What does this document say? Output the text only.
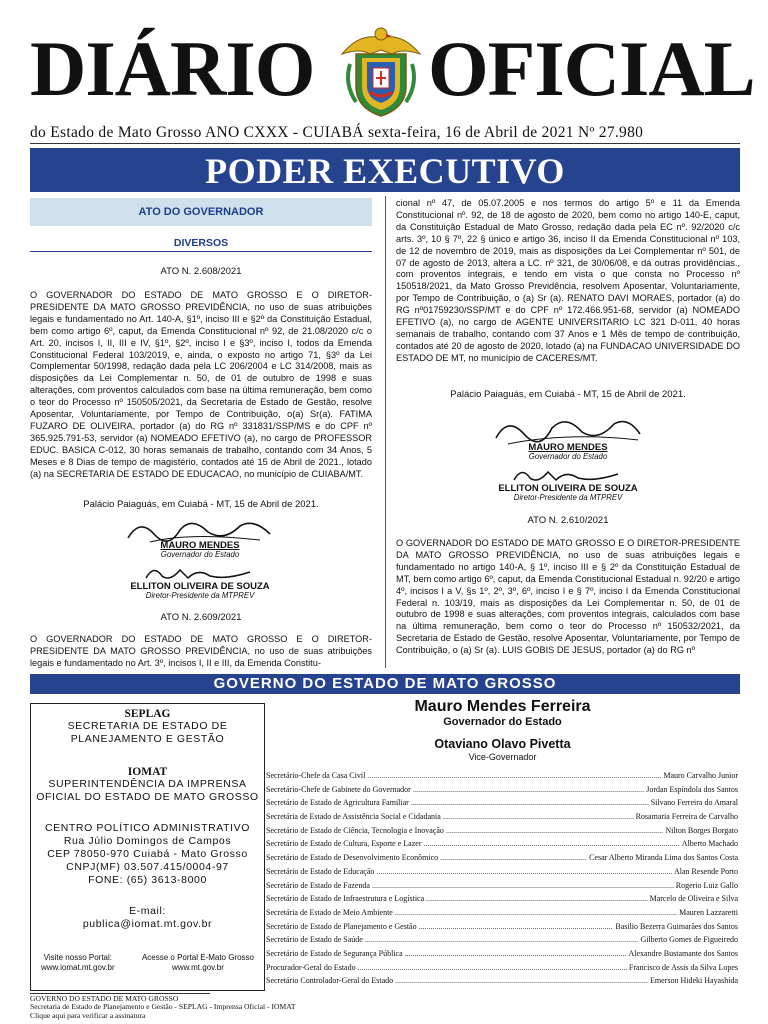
DIÁRIO OFICIAL
do Estado de Mato Grosso ANO CXXX - CUIABÁ sexta-feira, 16 de Abril de 2021 Nº 27.980
PODER EXECUTIVO
ATO DO GOVERNADOR
DIVERSOS
ATO N. 2.608/2021

O GOVERNADOR DO ESTADO DE MATO GROSSO E O DIRETOR-PRESIDENTE DA MATO GROSSO PREVIDÊNCIA, no uso de suas atribuições legais e fundamentado no Art. 140-A, §1º, inciso III e §2º da Constituição Estadual, bem como artigo 6º, caput, da Emenda Constitucional nº 92, de 21.08/2020 c/c o Art. 20, incisos I, II, III e IV, §1º, §2º, inciso I e §3º, inciso I, todos da Emenda Constitucional Federal 103/2019, e, ainda, o exposto no artigo 71, §3º da Lei Complementar 50/1998, redação dada pela LC 206/2004 e LC 314/2008, mais as disposições da Lei Complementar n. 50, de 01 de outubro de 1998 e suas alterações, com proventos calculados com base na última remuneração, bem como o teor do Processo nº 150505/2021, da Secretaria de Estado de Gestão, resolve Aposentar, Voluntariamente, por Tempo de Contribuição, o(a) Sr(a). FATIMA FUZARO DE OLIVEIRA, portador (a) do RG nº 331831/SSP/MS e do CPF nº 365.925.791-53, servidor (a) NOMEADO EFETIVO (a), no cargo de PROFESSOR EDUC. BASICA C-012, 30 horas semanais de trabalho, contando com 34 Anos, 5 Meses e 8 Dias de tempo de magistério, contados até 15 de Abril de 2021., lotado (a) na SECRETARIA DE ESTADO DE EDUCACAO, no município de CUIABA/MT.

Palácio Paiaguás, em Cuiabá - MT, 15 de Abril de 2021.
MAURO MENDES
Governador do Estado
ELLITON OLIVEIRA DE SOUZA
Diretor-Presidente da MTPREV
ATO N. 2.609/2021

O GOVERNADOR DO ESTADO DE MATO GROSSO E O DIRETOR-PRESIDENTE DA MATO GROSSO PREVIDÊNCIA, no uso de suas atribuições legais e fundamentado no Art. 3º, incisos I, II e III, da Emenda Constitu-

cional nº 47, de 05.07.2005 e nos termos do artigo 5º e 11 da Emenda Constitucional nº. 92, de 18 de agosto de 2020, bem como no artigo 140-E, caput, da Constituição Estadual de Mato Grosso, redação dada pela EC nº. 92/2020 c/c arts. 3º, 10 § 7º, 22 § único e artigo 36, inciso II da Emenda Constitucional nº 103, de 12 de novembro de 2019, mais as disposições da Lei Complementar nº 501, de 07 de agosto de 2013, altera a LC. nº 321, de 30/06/08, e dá outras providências., com proventos integrais, e tendo em vista o que consta no Processo nº 150518/2021, da Mato Grosso Previdência, resolvem Aposentar, Voluntariamente, por Tempo de Contribuição, o (a) Sr (a). RENATO DAVI MORAES, portador (a) do RG nº01759230/SSP/MT e do CPF nº 172.466.951-68, servidor (a) NOMEADO EFETIVO (a), no cargo de AGENTE UNIVERSITARIO LC 321 D-011, 40 horas semanais de trabalho, contando com 37 Anos e 1 Mês de tempo de contribuição, contados até 20 de agosto de 2020, lotado (a) na FUNDACAO UNIVERSIDADE DO ESTADO DE MT, no município de CACERES/MT.

Palácio Paiaguás, em Cuiabá - MT, 15 de Abril de 2021.
MAURO MENDES
Governador do Estado
ELLITON OLIVEIRA DE SOUZA
Diretor-Presidente da MTPREV
ATO N. 2.610/2021

O GOVERNADOR DO ESTADO DE MATO GROSSO E O DIRETOR-PRESIDENTE DA MATO GROSSO PREVIDÊNCIA, no uso de suas atribuições legais e fundamentado no artigo 140-A, § 1º, inciso III e § 2º da Constituição Estadual de MT, bem como artigo 6º, caput, da Emenda Constitucional Estadual n. 92/20 e artigo 4º, incisos I a V, §s 1º, 2º, 3º, 6º, inciso I e § 7º, inciso I da Emenda Constitucional Federal n. 103/19, mais as disposições da Lei Complementar n. 50, de 01 de outubro de 1998 e suas alterações, com proventos integrais, calculados com base na última remuneração, bem como o teor do Processo nº 150532/2021, da Secretaria de Estado de Gestão, resolve Aposentar, Voluntariamente, por Tempo de Contribuição, o (a) Sr (a). LUIS GOBIS DE JESUS, portador (a) do RG nº

GOVERNO DO ESTADO DE MATO GROSSO
SEPLAG
SECRETARIA DE ESTADO DE
PLANEJAMENTO E GESTÃO
IOMAT
SUPERINTENDÊNCIA DA IMPRENSA
OFICIAL DO ESTADO DE MATO GROSSO
CENTRO POLÍTICO ADMINISTRATIVO
Rua Júlio Domingos de Campos
CEP 78050-970 Cuiabá - Mato Grosso
CNPJ(MF) 03.507.415/0004-97
FONE: (65) 3613-8000
E-mail:
publica@iomat.mt.gov.br
Visite nosso Portal:
www.iomat.mt.gov.br
Acesse o Portal E-Mato Grosso
www.mt.gov.br
Mauro Mendes Ferreira
Governador do Estado
Otaviano Olavo Pivetta
Vice-Governador
Secretário-Chefe da Casa Civil .....	Mauro Carvalho Junior
Secretário-Chefe de Gabinete do Governador .....	Jordan Espíndola dos Santos
Secretário de Estado de Agricultura Familiar .....	Silvano Ferreira do Amaral
Secretária de Estado de Assistência Social e Cidadania .....	Rosamaria Ferreira de Carvalho
Secretário de Estado de Ciência, Tecnologia e Inovação .....	Nilton Borges Borgato
Secretário de Estado de Cultura, Esporte e Lazer .....	Alberto Machado
Secretário de Estado de Desenvolvimento Econômico .....	Cesar Alberto Miranda Lima dos Santos Costa
Secretário de Estado de Educação .....	Alan Resende Porto
Secretário de Estado de Fazenda .....	Rogerio Luiz Gallo
Secretário de Estado de Infraestrutura e Logística .....	Marcelo de Oliveira e Silva
Secretária de Estado de Meio Ambiente .....	Mauren Lazzaretti
Secretário de Estado de Planejamento e Gestão .....	Basilio Bezerra Guimarães dos Santos
Secretário de Estado de Saúde .....	Gilberto Gomes de Figueiredo
Secretário de Estado de Segurança Pública .....	Alexandre Bustamante dos Santos
Procurador-Geral do Estado .....	Francisco de Assis da Silva Lopes
Secretário Controlador-Geral do Estado .....	Emerson Hideki Hayashida
GOVERNO DO ESTADO DE MATO GROSSO
Secretaria de Estado de Planejamento e Gestão - SEPLAG - Imprensa Oficial - IOMAT
Clique aqui para verificar a assinatura
